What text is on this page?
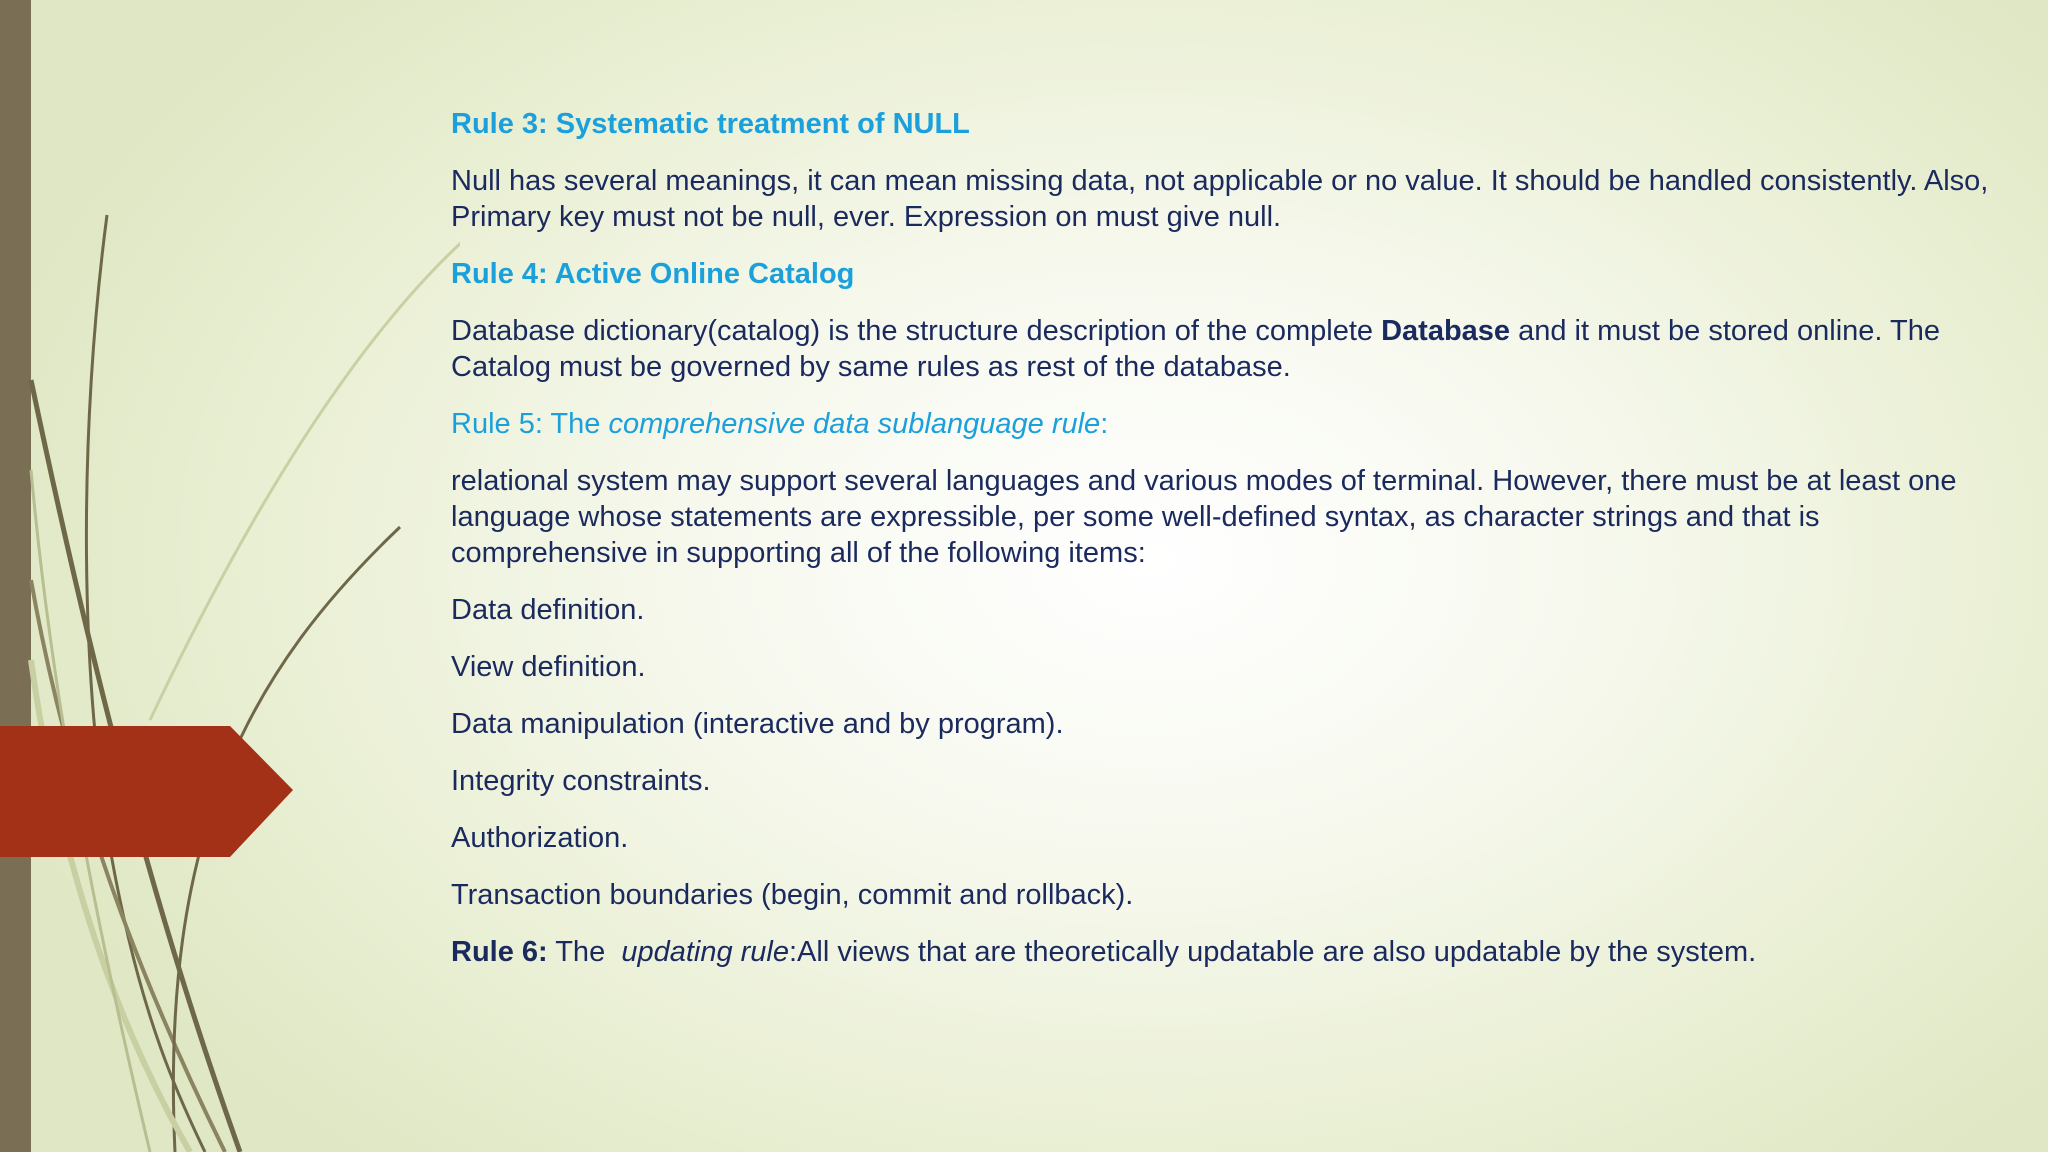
Rule 3: Systematic treatment of NULL

Null has several meanings, it can mean missing data, not applicable or no value. It should be handled consistently. Also, Primary key must not be null, ever. Expression on must give null.

Rule 4: Active Online Catalog

Database dictionary(catalog) is the structure description of the complete Database and it must be stored online. The Catalog must be governed by same rules as rest of the database.

Rule 5: The comprehensive data sublanguage rule:

relational system may support several languages and various modes of terminal. However, there must be at least one language whose statements are expressible, per some well-defined syntax, as character strings and that is comprehensive in supporting all of the following items:

Data definition.

View definition.

Data manipulation (interactive and by program).

Integrity constraints.

Authorization.

Transaction boundaries (begin, commit and rollback).

Rule 6: The  updating rule:All views that are theoretically updatable are also updatable by the system.
